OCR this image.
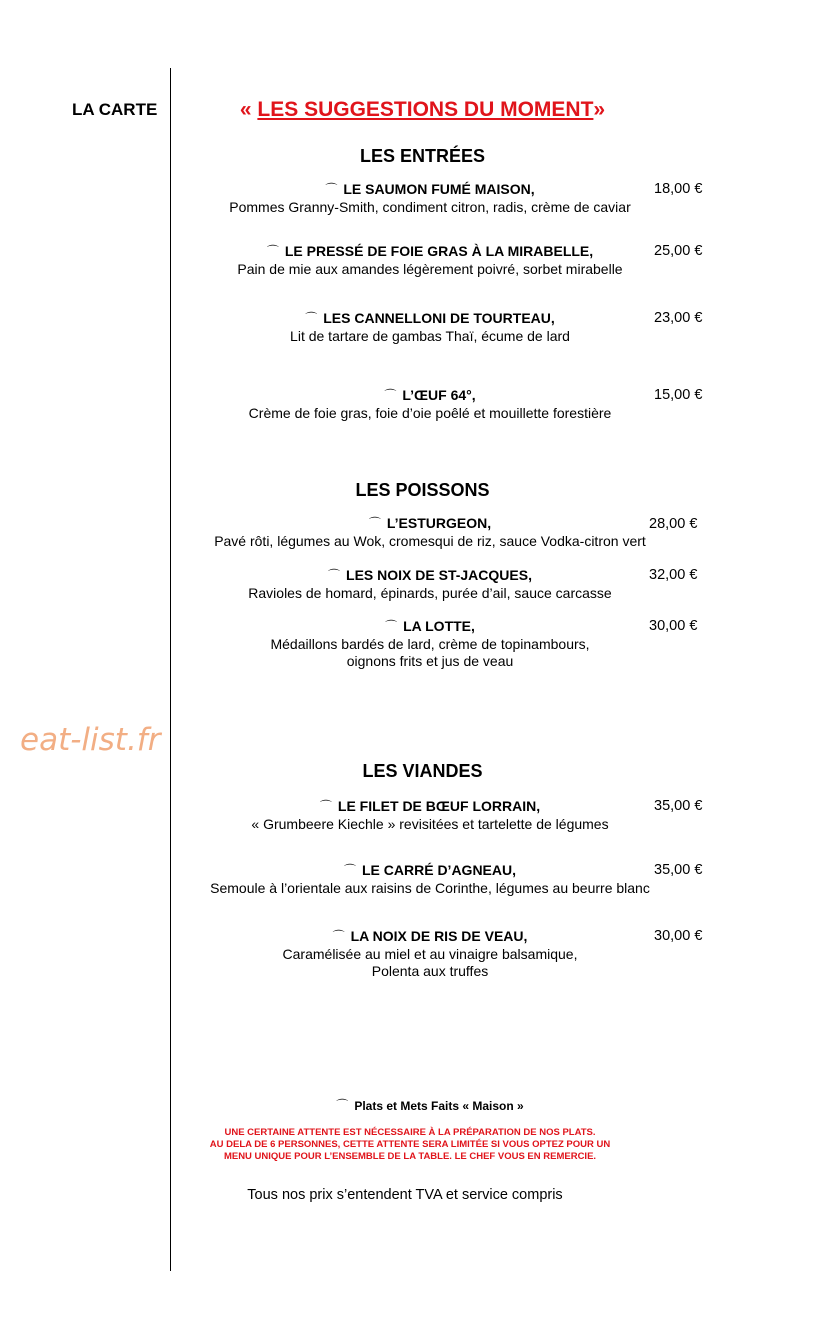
LA CARTE
eat-list.fr
« LES SUGGESTIONS DU MOMENT»
LES ENTRÉES
⌒ LE SAUMON FUMÉ MAISON,
Pommes Granny-Smith, condiment citron, radis, crème de caviar
18,00 €
⌒ LE PRESSÉ DE FOIE GRAS À LA MIRABELLE,
Pain de mie aux amandes légèrement poivré, sorbet mirabelle
25,00 €
⌒ LES CANNELLONI DE TOURTEAU,
Lit de tartare de gambas Thaï, écume de lard
23,00 €
⌒ L’ŒUF 64°,
Crème de foie gras, foie d’oie poêlé et mouillette forestière
15,00 €
LES POISSONS
⌒ L’ESTURGEON,
Pavé rôti, légumes au Wok, cromesqui de riz, sauce Vodka-citron vert
28,00 €
⌒ LES NOIX DE ST-JACQUES,
Ravioles de homard, épinards, purée d’ail, sauce carcasse
32,00 €
⌒ LA LOTTE,
Médaillons bardés de lard, crème de topinambours,
oignons frits et jus de veau
30,00 €
LES VIANDES
⌒ LE FILET DE BŒUF LORRAIN,
« Grumbeere Kiechle » revisitées et tartelette de légumes
35,00 €
⌒ LE CARRÉ D’AGNEAU,
Semoule à l’orientale aux raisins de Corinthe, légumes au beurre blanc
35,00 €
⌒ LA NOIX DE RIS DE VEAU,
Caramélisée au miel et au vinaigre balsamique,
Polenta aux truffes
30,00 €
⌒ Plats et Mets Faits « Maison »
UNE CERTAINE ATTENTE EST NÉCESSAIRE À LA PRÉPARATION DE NOS PLATS.
AU DELA DE 6 PERSONNES, CETTE ATTENTE SERA LIMITÉE SI VOUS OPTEZ POUR UN
MENU UNIQUE POUR L’ENSEMBLE DE LA TABLE. LE CHEF VOUS EN REMERCIE.
Tous nos prix s’entendent TVA et service compris
